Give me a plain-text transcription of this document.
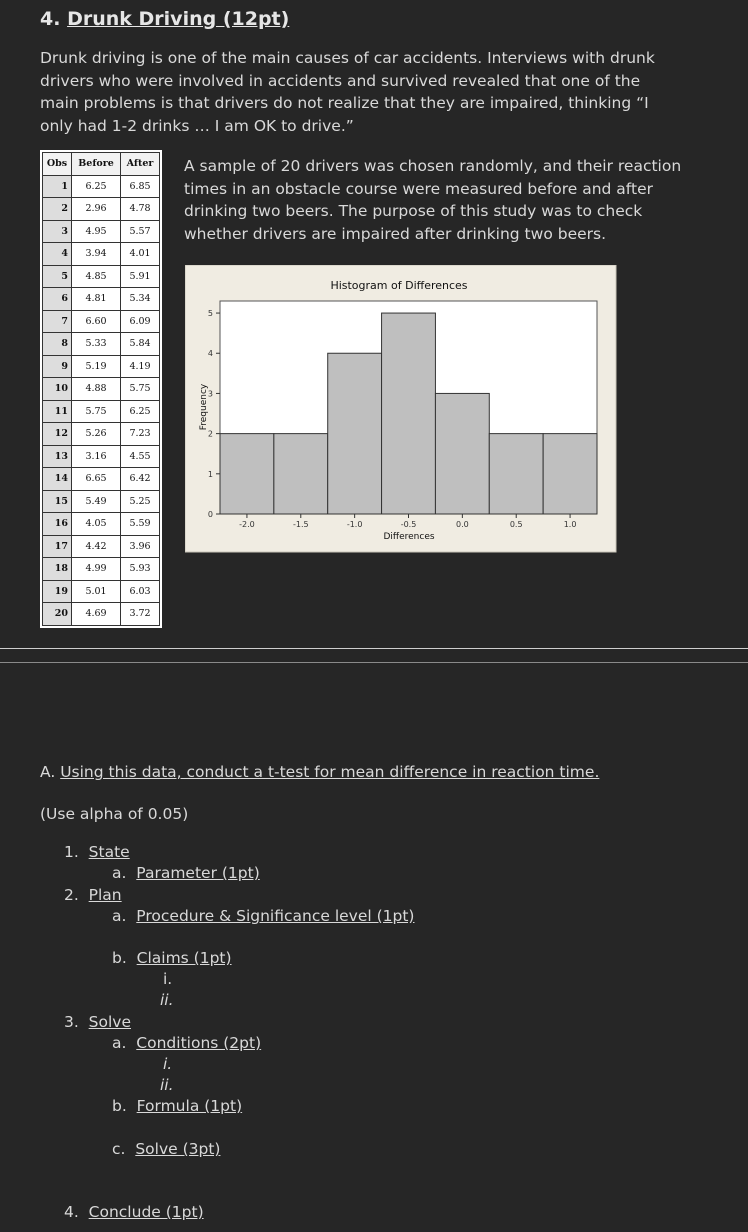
4. Drunk Driving (12pt)

Drunk driving is one of the main causes of car accidents. Interviews with drunk drivers who were involved in accidents and survived revealed that one of the main problems is that drivers do not realize that they are impaired, thinking “I only had 1-2 drinks … I am OK to drive.”

Obs	Before	After
1	6.25	6.85
2	2.96	4.78
3	4.95	5.57
4	3.94	4.01
5	4.85	5.91
6	4.81	5.34
7	6.60	6.09
8	5.33	5.84
9	5.19	4.19
10	4.88	5.75
11	5.75	6.25
12	5.26	7.23
13	3.16	4.55
14	6.65	6.42
15	5.49	5.25
16	4.05	5.59
17	4.42	3.96
18	4.99	5.93
19	5.01	6.03
20	4.69	3.72

A sample of 20 drivers was chosen randomly, and their reaction times in an obstacle course were measured before and after drinking two beers. The purpose of this study was to check whether drivers are impaired after drinking two beers.

Histogram of Differences
Differences
Frequency
-2.0	-1.5	-1.0	-0.5	0.0	0.5	1.0
0
1
2
3
4
5

A. Using this data, conduct a t-test for mean difference in reaction time.

(Use alpha of 0.05)

1. State

a. Parameter (1pt)

2. Plan

a. Procedure & Significance level (1pt)

b. Claims (1pt)

i.

ii.

3. Solve

a. Conditions (2pt)

i.

ii.

b. Formula (1pt)

c. Solve (3pt)

4. Conclude (1pt)
